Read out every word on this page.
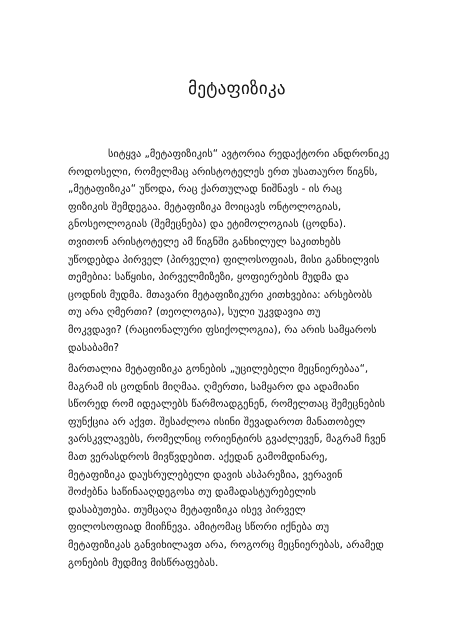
მეტაფიზიკა
სიტყვა „მეტაფიზიკის“ ავტორია რედაქტორი ანდრონიკე
როდოსელი, რომელმაც არისტოტელეს ერთ უსათაურო წიგნს,
„მეტაფიზიკა“ უწოდა, რაც ქართულად ნიშნავს - ის რაც
ფიზიკის შემდეგაა. მეტაფიზიკა მოიცავს ონტოლოგიას,
გნოსეოლოგიას (შემეცნება) და ეტიმოლოგიას (ცოდნა).
თვითონ არისტოტელე ამ წიგნში განხილულ საკითხებს
უწოდებდა პირველ (პირველი) ფილოსოფიას, მისი განხილვის
თემებია: საწყისი, პირველმიზეზი, ყოფიერების მუდმა და
ცოდნის მუდმა. მთავარი მეტაფიზიკური კითხვებია: არსებობს
თუ არა ღმერთი? (თეოლოგია), სული უკვდავია თუ
მოკვდავი? (რაციონალური ფსიქოლოგია), რა არის სამყაროს
დასაბამი?
მართალია მეტაფიზიკა გონების „უცილებელი მეცნიერებაა“,
მაგრამ ის ცოდნის მიღმაა. ღმერთი, სამყარო და ადამიანი
სწორედ რომ იდეალებს წარმოადგენენ, რომელთაც შემეცნების
ფუნქცია არ აქვთ. შესაძლოა ისინი შევადაროთ მანათობელ
ვარსკვლავებს, რომელნიც ორიენტირს გვაძლევენ, მაგრამ ჩვენ
მათ ვერასდროს მივწვდებით. აქედან გამომდინარე,
მეტაფიზიკა დაუსრულებელი დავის ასპარეზია, ვერავინ
შოძებნა საწინააღდეგოსა თუ დამადასტურებელის
დასაბუთება. თუმცაღა მეტაფიზიკა ისევ პირველ
ფილოსოფიად მიიჩნევა. ამიტომაც სწორი იქნება თუ
მეტაფიზიკას განვიხილავთ არა, როგორც მეცნიერებას, არამედ
გონების მუდმივ მისწრაფებას.
